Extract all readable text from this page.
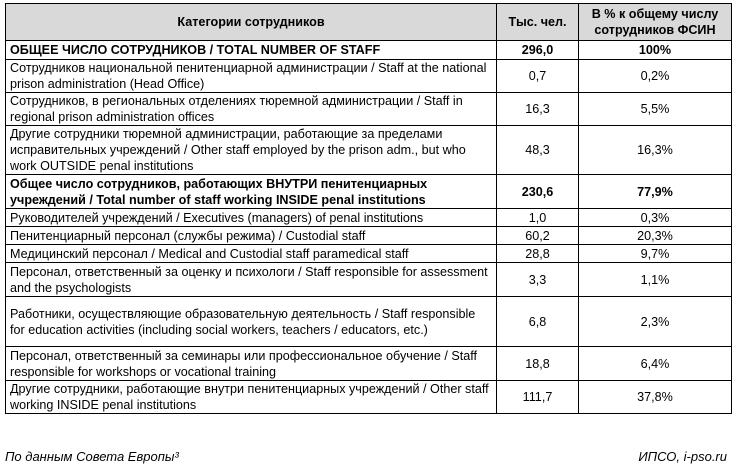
Категории сотрудников	Тыс. чел.	В % к общему числу сотрудников ФСИН
ОБЩЕЕ ЧИСЛО СОТРУДНИКОВ / TOTAL NUMBER OF STAFF	296,0	100%
Сотрудников национальной пенитенциарной администрации / Staff at the national prison administration (Head Office)	0,7	0,2%
Сотрудников, в региональных отделениях тюремной администрации / Staff in regional prison administration offices	16,3	5,5%
Другие сотрудники тюремной администрации, работающие за пределами исправительных учреждений / Other staff employed by the prison adm., but who work OUTSIDE penal institutions	48,3	16,3%
Общее число сотрудников, работающих ВНУТРИ пенитенциарных учреждений / Total number of staff working INSIDE penal institutions	230,6	77,9%
Руководителей учреждений / Executives (managers) of penal institutions	1,0	0,3%
Пенитенциарный персонал (службы режима) / Custodial staff	60,2	20,3%
Медицинский персонал / Medical and Custodial staff paramedical staff	28,8	9,7%
Персонал, ответственный за оценку и психологи / Staff responsible for assessment and the psychologists	3,3	1,1%
Работники, осуществляющие образовательную деятельность / Staff responsible for education activities (including social workers, teachers / educators, etc.)	6,8	2,3%
Персонал, ответственный за семинары или профессиональное обучение / Staff responsible for workshops or vocational training	18,8	6,4%
Другие сотрудники, работающие внутри пенитенциарных учреждений / Other staff working INSIDE penal institutions	111,7	37,8%
По данным Совета Европы³	ИПСО, i-pso.ru
